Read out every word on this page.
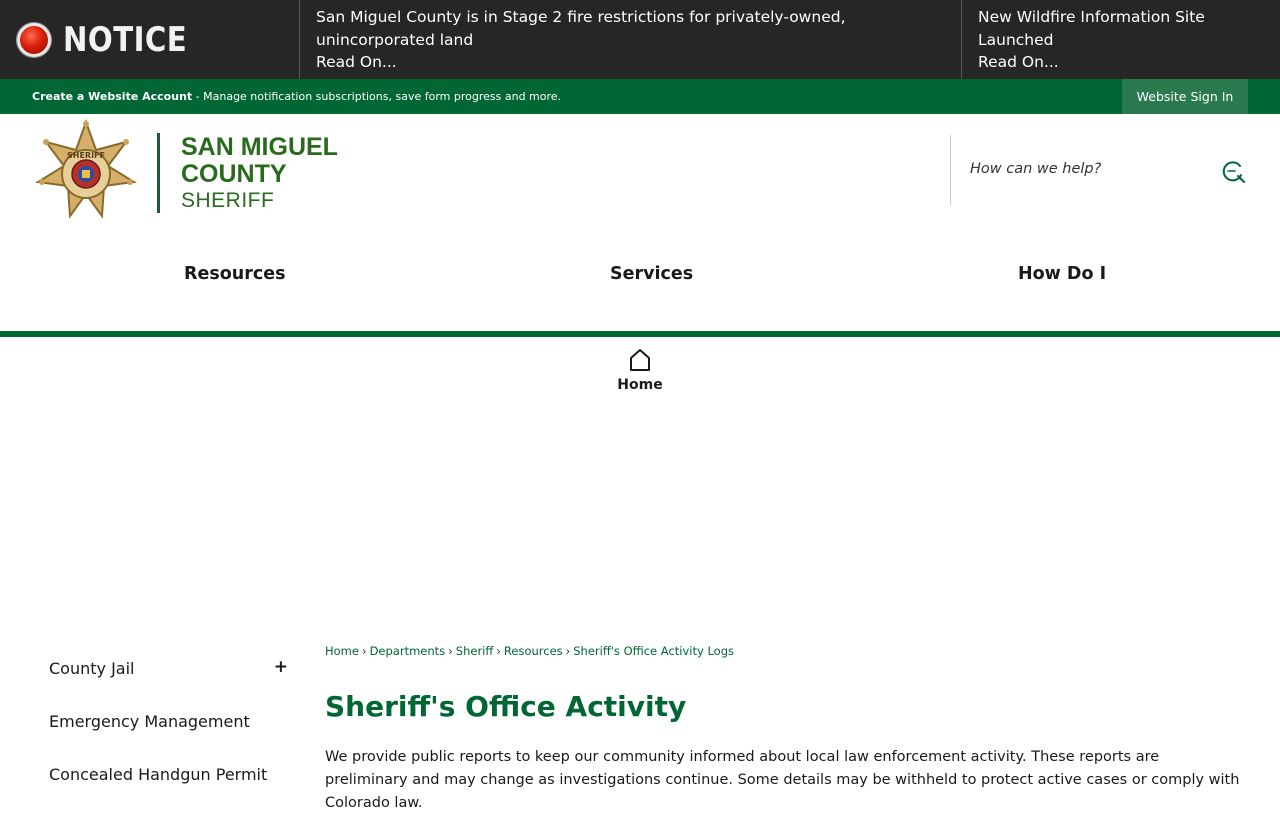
NOTICE
San Miguel County is in Stage 2 fire restrictions for privately-owned, unincorporated land
Read On...
New Wildfire Information Site Launched
Read On...
Create a Website Account - Manage notification subscriptions, save form progress and more.	Website Sign In
SHERIFF	SAN MIGUEL
COUNTY
SHERIFF
How can we help?
Resources	Services	How Do I
Home
County Jail	+
Emergency Management
Concealed Handgun Permit
Home › Departments › Sheriff › Resources › Sheriff's Office Activity Logs
Sheriff's Office Activity

We provide public reports to keep our community informed about local law enforcement activity. These reports are preliminary and may change as investigations continue. Some details may be withheld to protect active cases or comply with Colorado law.
